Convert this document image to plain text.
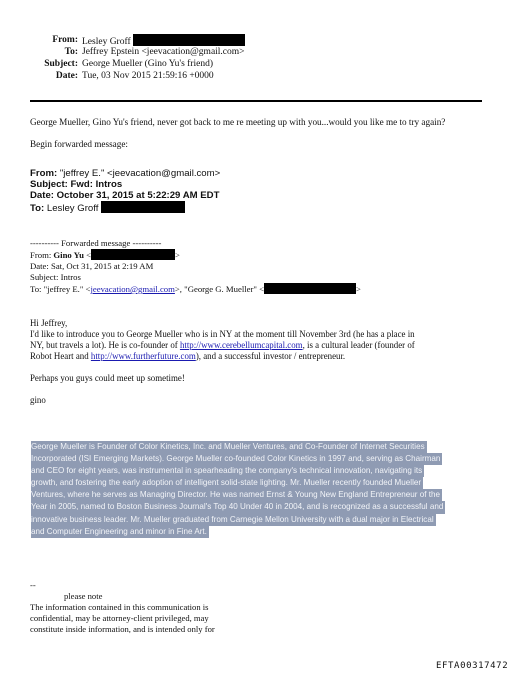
From: Lesley Groff
To: Jeffrey Epstein <jeevacation@gmail.com>
Subject: George Mueller (Gino Yu's friend)
Date: Tue, 03 Nov 2015 21:59:16 +0000
George Mueller, Gino Yu's friend, never got back to me re meeting up with you...would you like me to try again?
Begin forwarded message:
From: "jeffrey E." <jeevacation@gmail.com>
Subject: Fwd: Intros
Date: October 31, 2015 at 5:22:29 AM EDT
To: Lesley Groff
---------- Forwarded message ----------
From: Gino Yu <	>
Date: Sat, Oct 31, 2015 at 2:19 AM
Subject: Intros
To: "jeffrey E." <jeevacation@gmail.com>, "George G. Mueller" <	>
Hi Jeffrey,
I'd like to introduce you to George Mueller who is in NY at the moment till November 3rd (he has a place in
NY, but travels a lot). He is co-founder of http://www.cerebellumcapital.com, is a cultural leader (founder of
Robot Heart and http://www.furtherfuture.com), and a successful investor / entrepreneur.
Perhaps you guys could meet up sometime!
gino
George Mueller is Founder of Color Kinetics, Inc. and Mueller Ventures, and Co-Founder of Internet Securities
Incorporated (ISI Emerging Markets). George Mueller co-founded Color Kinetics in 1997 and, serving as Chairman
and CEO for eight years, was instrumental in spearheading the company's technical innovation, navigating its
growth, and fostering the early adoption of intelligent solid-state lighting. Mr. Mueller recently founded Mueller
Ventures, where he serves as Managing Director. He was named Ernst & Young New England Entrepreneur of the
Year in 2005, named to Boston Business Journal's Top 40 Under 40 in 2004, and is recognized as a successful and
innovative business leader. Mr. Mueller graduated from Carnegie Mellon University with a dual major in Electrical
and Computer Engineering and minor in Fine Art.
--
please note
The information contained in this communication is
confidential, may be attorney-client privileged, may
constitute inside information, and is intended only for
EFTA00317472
